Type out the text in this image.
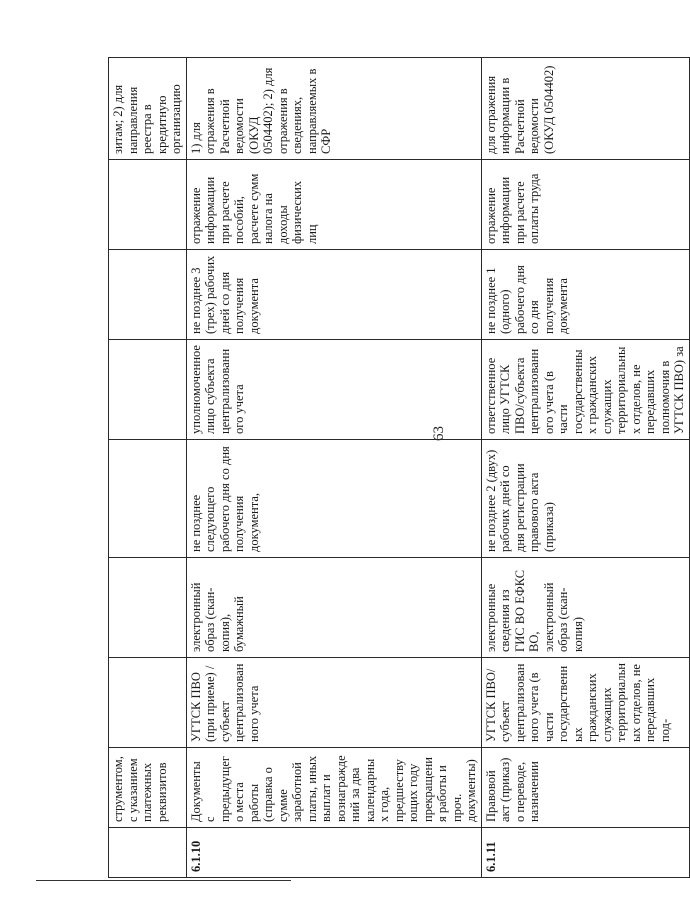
63
	струментом, с указанием платежных реквизитов							зитам; 2) для направления реестра в кредитную организацию
6.1.10	Документы с предыдущего места работы (справка о сумме заработной платы, иных выплат и вознаграждений за два календарных года, предшествующих году прекращения работы и проч. документы)	УГТСК ПВО (при приеме) /субъект централизованного учета	электронный образ (скан-копия), бумажный	не позднее следующего рабочего дня со дня получения документа,	уполномоченное лицо субъекта централизованного учета	не позднее 3 (трех) рабочих дней со дня получения документа	отражение информации при расчете пособий, расчете сумм налога на доходы физических лиц	1) для отражения в Расчетной ведомости (ОКУД 0504402); 2) для отражения в сведениях, направляемых в СФР
6.1.11	Правовой акт (приказ) о переводе, назначении	УГТСК ПВО/субъект централизованного учета (в части государственных гражданских служащих территориальных отделов, не передавших под-	электронные сведения из ГИС ВО ЕФКС ВО, электронный образ (скан-копия)	не позднее 2 (двух) рабочих дней со дня регистрации правового акта (приказа)	ответственное лицо УГТСК ПВО/субъекта централизованного учета (в части государственных гражданских служащих территориальных отделов, не передавших полномочия в УГТСК ПВО) за	не позднее 1 (одного) рабочего дня со дня получения документа	отражение информации при расчете оплаты труда	для отражения информации в Расчетной ведомости (ОКУД 0504402)
